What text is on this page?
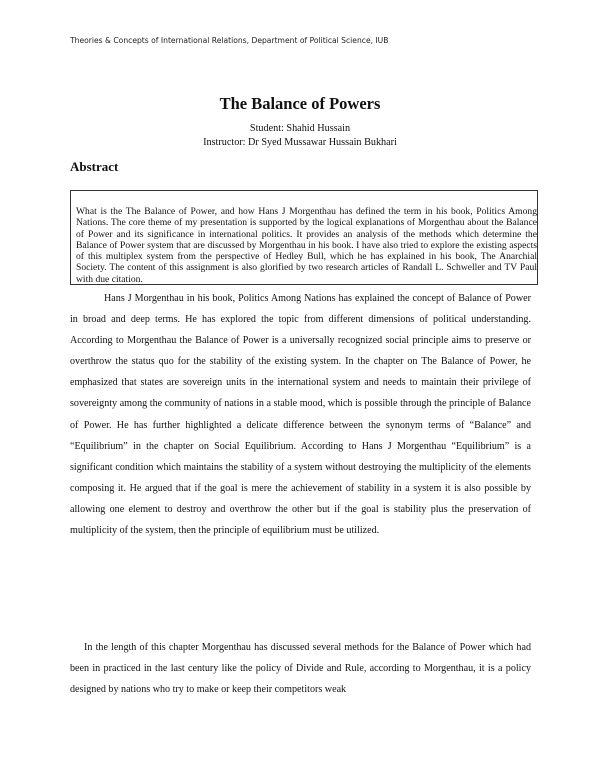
Theories & Concepts of International Relations, Department of Political Science, IUB
The Balance of Powers
Student: Shahid Hussain
Instructor: Dr Syed Mussawar Hussain Bukhari
Abstract

What is the The Balance of Power, and how Hans J Morgenthau has defined the term in his book, Politics Among Nations. The core theme of my presentation is supported by the logical explanations of Morgenthau about the Balance of Power and its significance in international politics. It provides an analysis of the methods which determine the Balance of Power system that are discussed by Morgenthau in his book. I have also tried to explore the existing aspects of this multiplex system from the perspective of Hedley Bull, which he has explained in his book, The Anarchial Society. The content of this assignment is also glorified by two research articles of Randall L. Schweller and TV Paul with due citation.

Hans J Morgenthau in his book, Politics Among Nations has explained the concept of Balance of Power in broad and deep terms. He has explored the topic from different dimensions of political understanding. According to Morgenthau the Balance of Power is a universally recognized social principle aims to preserve or overthrow the status quo for the stability of the existing system. In the chapter on The Balance of Power, he emphasized that states are sovereign units in the international system and needs to maintain their privilege of sovereignty among the community of nations in a stable mood, which is possible through the principle of Balance of Power. He has further highlighted a delicate difference between the synonym terms of “Balance” and “Equilibrium” in the chapter on Social Equilibrium. According to Hans J Morgenthau “Equilibrium” is a significant condition which maintains the stability of a system without destroying the multiplicity of the elements composing it. He argued that if the goal is mere the achievement of stability in a system it is also possible by allowing one element to destroy and overthrow the other but if the goal is stability plus the preservation of multiplicity of the system, then the principle of equilibrium must be utilized.

In the length of this chapter Morgenthau has discussed several methods for the Balance of Power which had been in practiced in the last century like the policy of Divide and Rule, according to Morgenthau, it is a policy designed by nations who try to make or keep their competitors weak
